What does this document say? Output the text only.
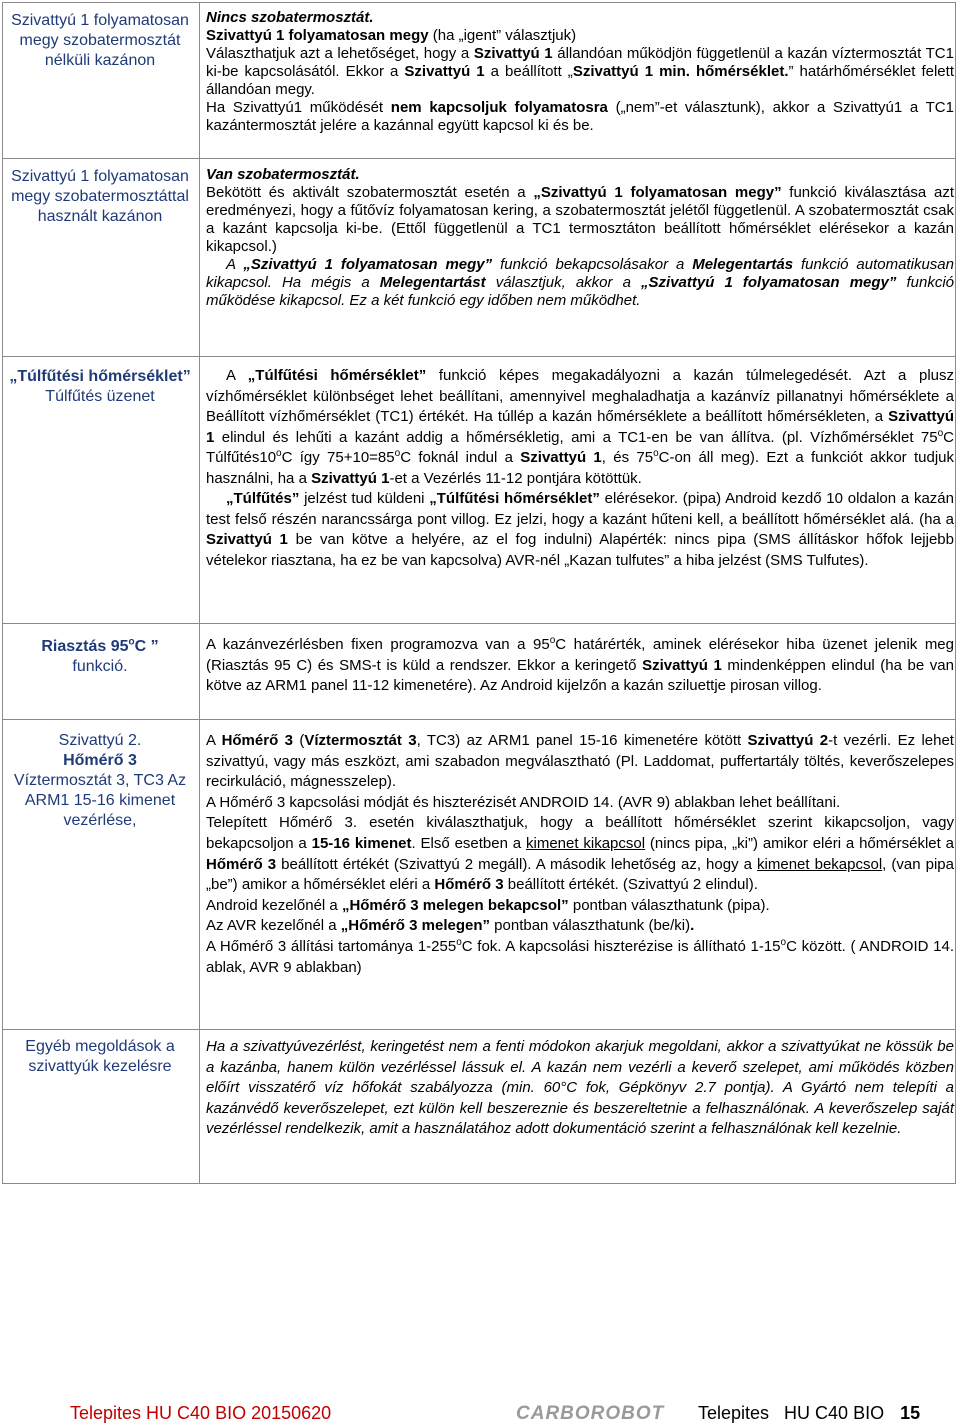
Szivattyú 1 folyamatosan megy szobatermosztát nélküli kazánon
Szivattyú 1 folyamatosan megy szobatermosztáttal használt kazánon
„Túlfűtési hőmérséklet”
Túlfűtés üzenet
Riasztás 95$^o$C ”
funkció.
Szivattyú 2.
Hőmérő 3
Víztermosztát 3, TC3 Az ARM1 15-16 kimenet vezérlése,
Egyéb megoldások a szivattyúk kezelésre

Nincs szobatermosztát.

Szivattyú 1 folyamatosan megy (ha „igent” választjuk)

Választhatjuk azt a lehetőséget, hogy a Szivattyú 1 állandóan működjön függetlenül a kazán víztermosztát TC1 ki-be kapcsolásától. Ekkor a Szivattyú 1 a beállított „Szivattyú 1 min. hőmérséklet.” határhőmérséklet felett állandóan megy.

Ha Szivattyú1 működését nem kapcsoljuk folyamatosra („nem”-et választunk), akkor a Szivattyú1 a TC1 kazántermosztát jelére a kazánnal együtt kapcsol ki és be.

Van szobatermosztát.

Bekötött és aktivált szobatermosztát esetén a „Szivattyú 1 folyamatosan megy” funkció kiválasztása azt eredményezi, hogy a fűtővíz folyamatosan kering, a szobatermosztát jelétől függetlenül. A szobatermosztát csak a kazánt kapcsolja ki-be. (Ettől függetlenül a TC1 termosztáton beállított hőmérséklet elérésekor a kazán kikapcsol.)

A „Szivattyú 1 folyamatosan megy” funkció bekapcsolásakor a Melegentartás funkció automatikusan kikapcsol. Ha mégis a Melegentartást választjuk, akkor a „Szivattyú 1 folyamatosan megy” funkció működése kikapcsol. Ez a két funkció egy időben nem működhet.

A „Túlfűtési hőmérséklet” funkció képes megakadályozni a kazán túlmelegedését. Azt a plusz vízhőmérséklet különbséget lehet beállítani, amennyivel meghaladhatja a kazánvíz pillanatnyi hőmérséklete a Beállított vízhőmérséklet (TC1) értékét. Ha túllép a kazán hőmérséklete a beállított hőmérsékleten, a Szivattyú 1 elindul és lehűti a kazánt addig a hőmérsékletig, ami a TC1-en be van állítva. (pl. Vízhőmérséklet 75$^o$C Túlfűtés10$^o$C így $75+10=85^oC$ foknál indul a Szivattyú 1, és 75$^o$C-on áll meg). Ezt a funkciót akkor tudjuk használni, ha a Szivattyú 1-et a Vezérlés 11-12 pontjára kötöttük.

„Túlfűtés” jelzést tud küldeni „Túlfűtési hőmérséklet” elérésekor. (pipa) Android kezdő 10 oldalon a kazán test felső részén narancssárga pont villog. Ez jelzi, hogy a kazánt hűteni kell, a beállított hőmérséklet alá. (ha a Szivattyú 1 be van kötve a helyére, az el fog indulni) Alapérték: nincs pipa (SMS állításkor hőfok lejjebb vételekor riasztana, ha ez be van kapcsolva) AVR-nél „Kazan tulfutes” a hiba jelzést (SMS Tulfutes).

A kazánvezérlésben fixen programozva van a 95$^o$C határérték, aminek elérésekor hiba üzenet jelenik meg (Riasztás 95 C) és SMS-t is küld a rendszer. Ekkor a keringető Szivattyú 1 mindenképpen elindul (ha be van kötve az ARM1 panel 11-12 kimenetére). Az Android kijelzőn a kazán sziluettje pirosan villog.

A Hőmérő 3 (Víztermosztát 3, TC3) az ARM1 panel 15-16 kimenetére kötött Szivattyú 2-t vezérli. Ez lehet szivattyú, vagy más eszközt, ami szabadon megválasztható (Pl. Laddomat, puffertartály töltés, keverőszelepes recirkuláció, mágnesszelep).

A Hőmérő 3 kapcsolási módját és hiszterézisét ANDROID 14. (AVR 9) ablakban lehet beállítani.

Telepített Hőmérő 3. esetén kiválaszthatjuk, hogy a beállított hőmérséklet szerint kikapcsoljon, vagy bekapcsoljon a 15-16 kimenet. Első esetben a kimenet kikapcsol (nincs pipa, „ki”) amikor eléri a hőmérséklet a Hőmérő 3 beállított értékét (Szivattyú 2 megáll). A második lehetőség az, hogy a kimenet bekapcsol, (van pipa „be”) amikor a hőmérséklet eléri a Hőmérő 3 beállított értékét. (Szivattyú 2 elindul).

Android kezelőnél a „Hőmérő 3 melegen bekapcsol” pontban választhatunk (pipa).

Az AVR kezelőnél a „Hőmérő 3 melegen” pontban választhatunk (be/ki).

A Hőmérő 3 állítási tartománya 1-255$^o$C fok. A kapcsolási hiszterézise is állítható 1-15$^o$C között. ( ANDROID 14. ablak, AVR 9 ablakban)

Ha a szivattyúvezérlést, keringetést nem a fenti módokon akarjuk megoldani, akkor a szivattyúkat ne kössük be a kazánba, hanem külön vezérléssel lássuk el. A kazán nem vezérli a keverő szelepet, ami működés közben előírt visszatérő víz hőfokát szabályozza (min. 60°C fok, Gépkönyv 2.7 pontja). A Gyártó nem telepíti a kazánvédő keverőszelepet, ezt külön kell beszereznie és beszereltetnie a felhasználónak. A keverőszelep saját vezérléssel rendelkezik, amit a használatához adott dokumentáció szerint a felhasználónak kell kezelnie.

Telepites HU C40 BIO 20150620	CARBOROBOT Telepites   HU C40 BIO 15
